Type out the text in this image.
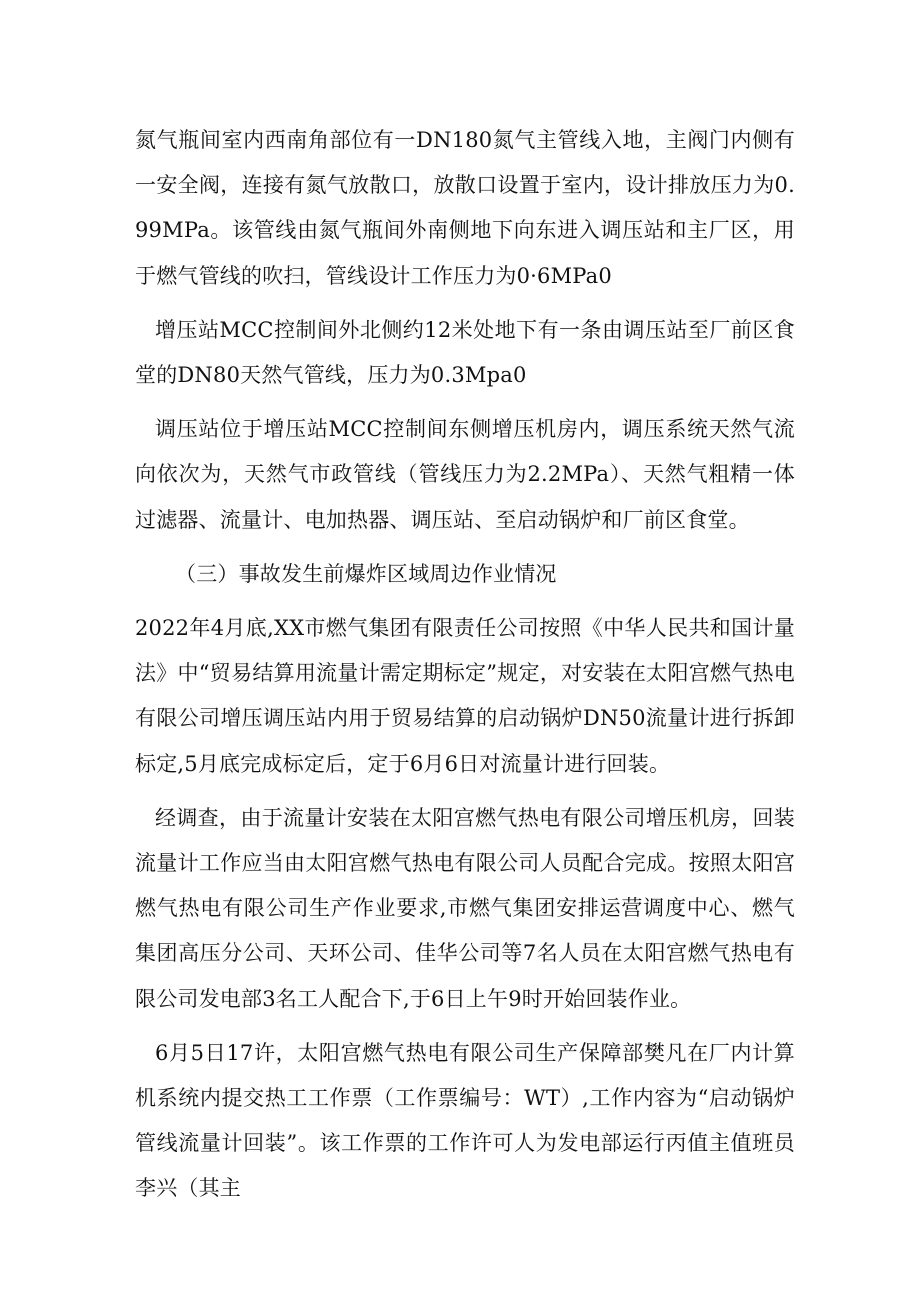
氮气瓶间室内西南角部位有一DN180氮气主管线入地，主阀门内侧有一安全阀，连接有氮气放散口，放散口设置于室内，设计排放压力为0.99MPa。该管线由氮气瓶间外南侧地下向东进入调压站和主厂区，用于燃气管线的吹扫，管线设计工作压力为0·6MPa0

增压站MCC控制间外北侧约12米处地下有一条由调压站至厂前区食堂的DN80天然气管线，压力为0.3Mpa0

调压站位于增压站MCC控制间东侧增压机房内，调压系统天然气流向依次为，天然气市政管线（管线压力为2.2MPa）、天然气粗精一体过滤器、流量计、电加热器、调压站、至启动锅炉和厂前区食堂。

（三）事故发生前爆炸区域周边作业情况

2022年4月底,XX市燃气集团有限责任公司按照《中华人民共和国计量法》中“贸易结算用流量计需定期标定”规定，对安装在太阳宫燃气热电有限公司增压调压站内用于贸易结算的启动锅炉DN50流量计进行拆卸标定,5月底完成标定后，定于6月6日对流量计进行回装。

经调查，由于流量计安装在太阳宫燃气热电有限公司增压机房，回装流量计工作应当由太阳宫燃气热电有限公司人员配合完成。按照太阳宫燃气热电有限公司生产作业要求,市燃气集团安排运营调度中心、燃气集团高压分公司、天环公司、佳华公司等7名人员在太阳宫燃气热电有限公司发电部3名工人配合下,于6日上午9时开始回装作业。

6月5日17许，太阳宫燃气热电有限公司生产保障部樊凡在厂内计算机系统内提交热工工作票（工作票编号：WT）,工作内容为“启动锅炉管线流量计回装”。该工作票的工作许可人为发电部运行丙值主值班员李兴（其主
